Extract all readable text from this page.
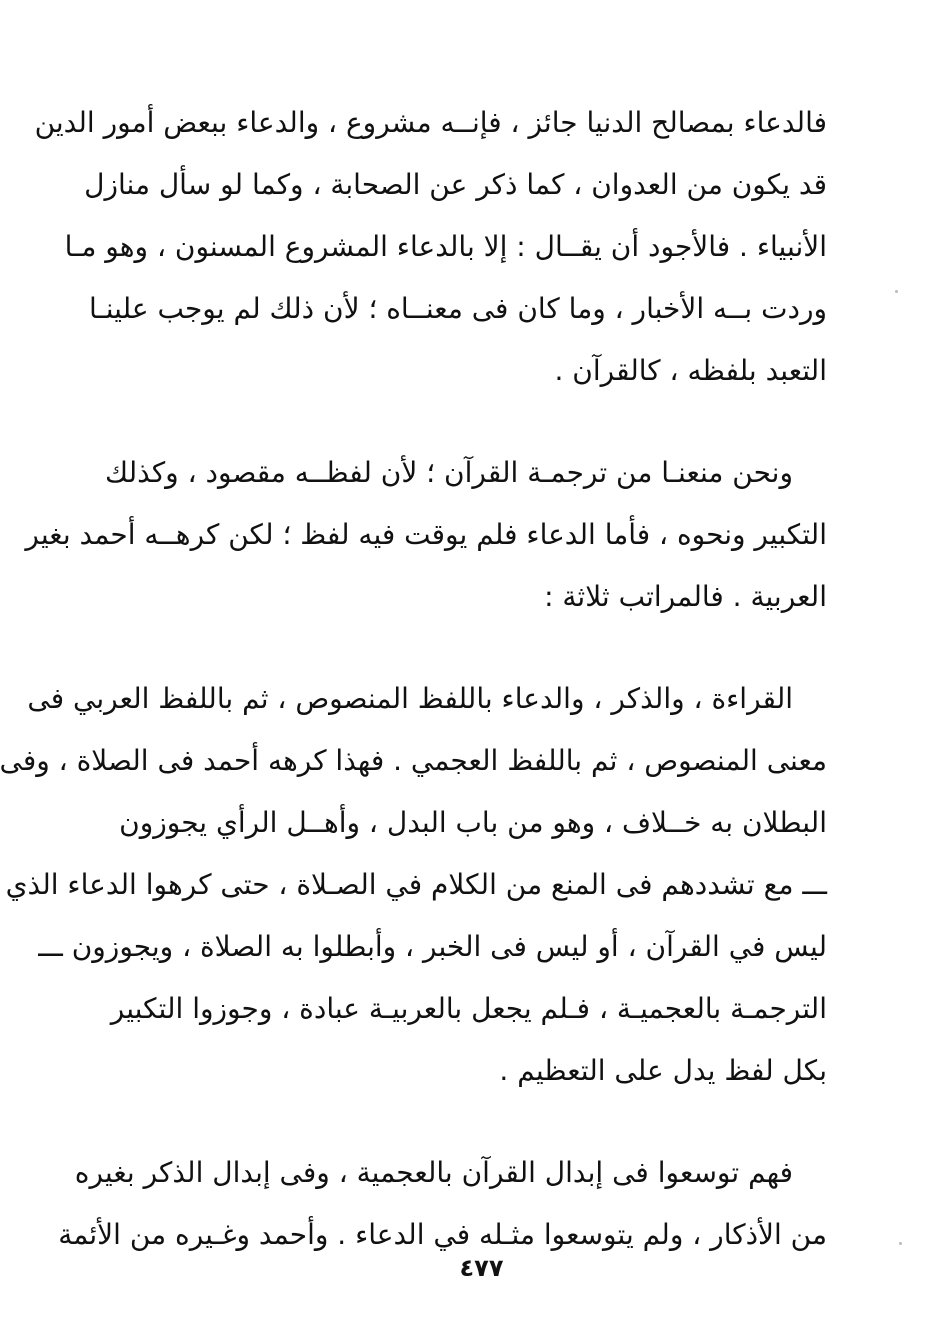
فالدعاء بمصالح الدنيا جائز ، فإنــه مشروع ، والدعاء ببعض أمور الدين
قد يكون من العدوان ، كما ذكر عن الصحابة ، وكما لو سأل منازل
الأنبياء . فالأجود أن يقــال : إلا بالدعاء المشروع المسنون ، وهو مـا
وردت بــه الأخبار ، وما كان فى معنــاه ؛ لأن ذلك لم يوجب علينـا
التعبد بلفظه ، كالقرآن .

ونحن منعنـا من ترجمـة القرآن ؛ لأن لفظــه مقصود ، وكذلك
التكبير ونحوه ، فأما الدعاء فلم يوقت فيه لفظ ؛ لكن كرهــه أحمد بغير
العربية . فالمراتب ثلاثة :

القراءة ، والذكر ، والدعاء باللفظ المنصوص ، ثم باللفظ العربي فى
معنى المنصوص ، ثم باللفظ العجمي . فهذا كرهه أحمد فى الصلاة ، وفى
البطلان به خــلاف ، وهو من باب البدل ، وأهــل الرأي يجوزون
ـــ مع تشددهم فى المنع من الكلام في الصـلاة ، حتى كرهوا الدعاء الذي
ليس في القرآن ، أو ليس فى الخبر ، وأبطلوا به الصلاة ، ويجوزون ـــ
الترجمـة بالعجميـة ، فـلم يجعل بالعربيـة عبادة ، وجوزوا التكبير
بكل لفظ يدل على التعظيم .

فهم توسعوا فى إبدال القرآن بالعجمية ، وفى إبدال الذكر بغيره
من الأذكار ، ولم يتوسعوا مثـله في الدعاء . وأحمد وغـيره من الأئمة

٤٧٧
